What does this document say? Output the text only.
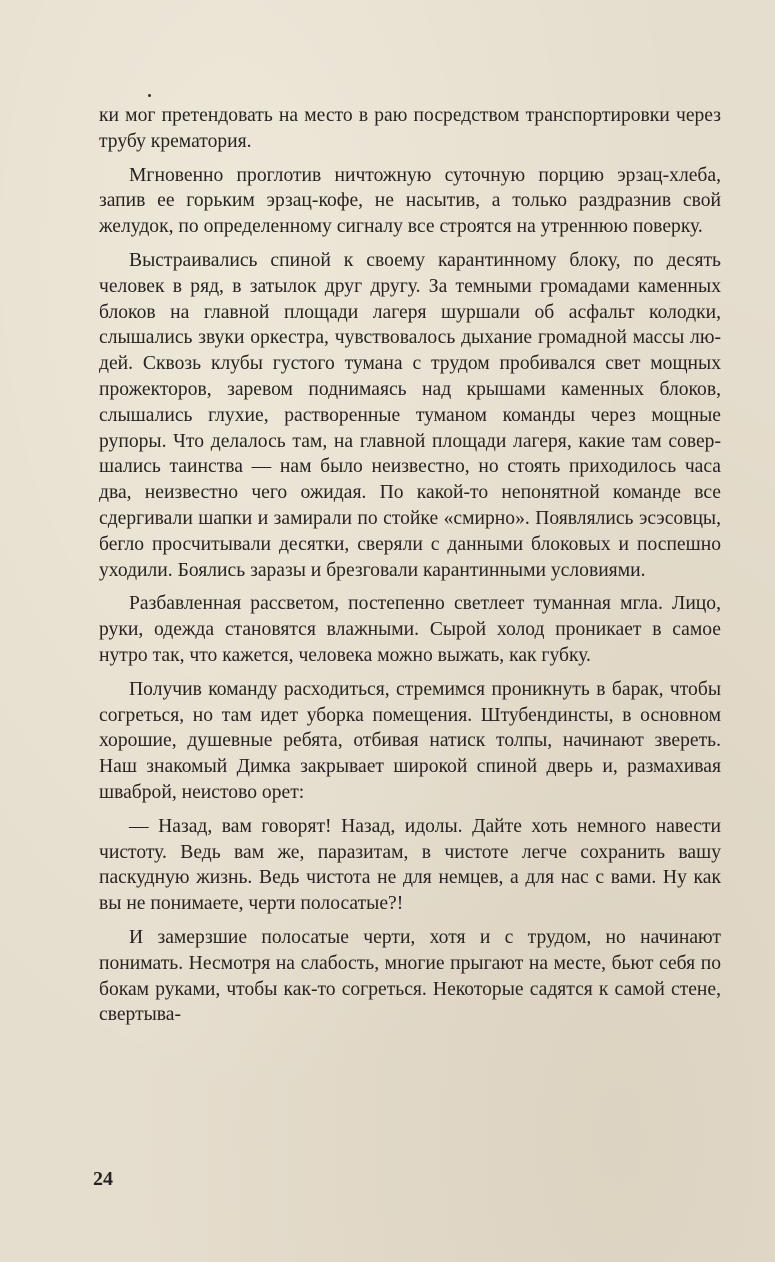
ки мог претендовать на место в раю посредством транспортировки через трубу крематория.

Мгновенно проглотив ничтожную суточную порцию эрзац-хлеба, запив ее горьким эрзац-кофе, не насытив, а только раздразнив свой желудок, по определенному сигналу все строятся на утреннюю поверку.

Выстраивались спиной к своему карантинному блоку, по десять человек в ряд, в затылок друг другу. За темными громадами каменных блоков на главной площади лагеря шуршали об асфальт колодки, слышались звуки оркестра, чувствовалось дыхание громадной массы людей. Сквозь клубы густого тумана с трудом пробивался свет мощных прожекторов, заревом поднимаясь над крышами каменных блоков, слышались глухие, растворенные туманом команды через мощные рупоры. Что делалось там, на главной площади лагеря, какие там совершались таинства — нам было неизвестно, но стоять приходилось часа два, неизвестно чего ожидая. По какой-то непонятной команде все сдергивали шапки и замирали по стойке «смирно». Появлялись эсэсовцы, бегло просчитывали десятки, сверяли с данными блоковых и поспешно уходили. Боялись заразы и брезговали карантинными условиями.

Разбавленная рассветом, постепенно светлеет туманная мгла. Лицо, руки, одежда становятся влажными. Сырой холод проникает в самое нутро так, что кажется, человека можно выжать, как губку.

Получив команду расходиться, стремимся проникнуть в барак, чтобы согреться, но там идет уборка помещения. Штубендинсты, в основном хорошие, душевные ребята, отбивая натиск толпы, начинают звереть. Наш знакомый Димка закрывает широкой спиной дверь и, размахивая шваброй, неистово орет:

— Назад, вам говорят! Назад, идолы. Дайте хоть немного навести чистоту. Ведь вам же, паразитам, в чистоте легче сохранить вашу паскудную жизнь. Ведь чистота не для немцев, а для нас с вами. Ну как вы не понимаете, черти полосатые?!

И замерзшие полосатые черти, хотя и с трудом, но начинают понимать. Несмотря на слабость, многие прыгают на месте, бьют себя по бокам руками, чтобы как-то согреться. Некоторые садятся к самой стене, свертыва-

24
